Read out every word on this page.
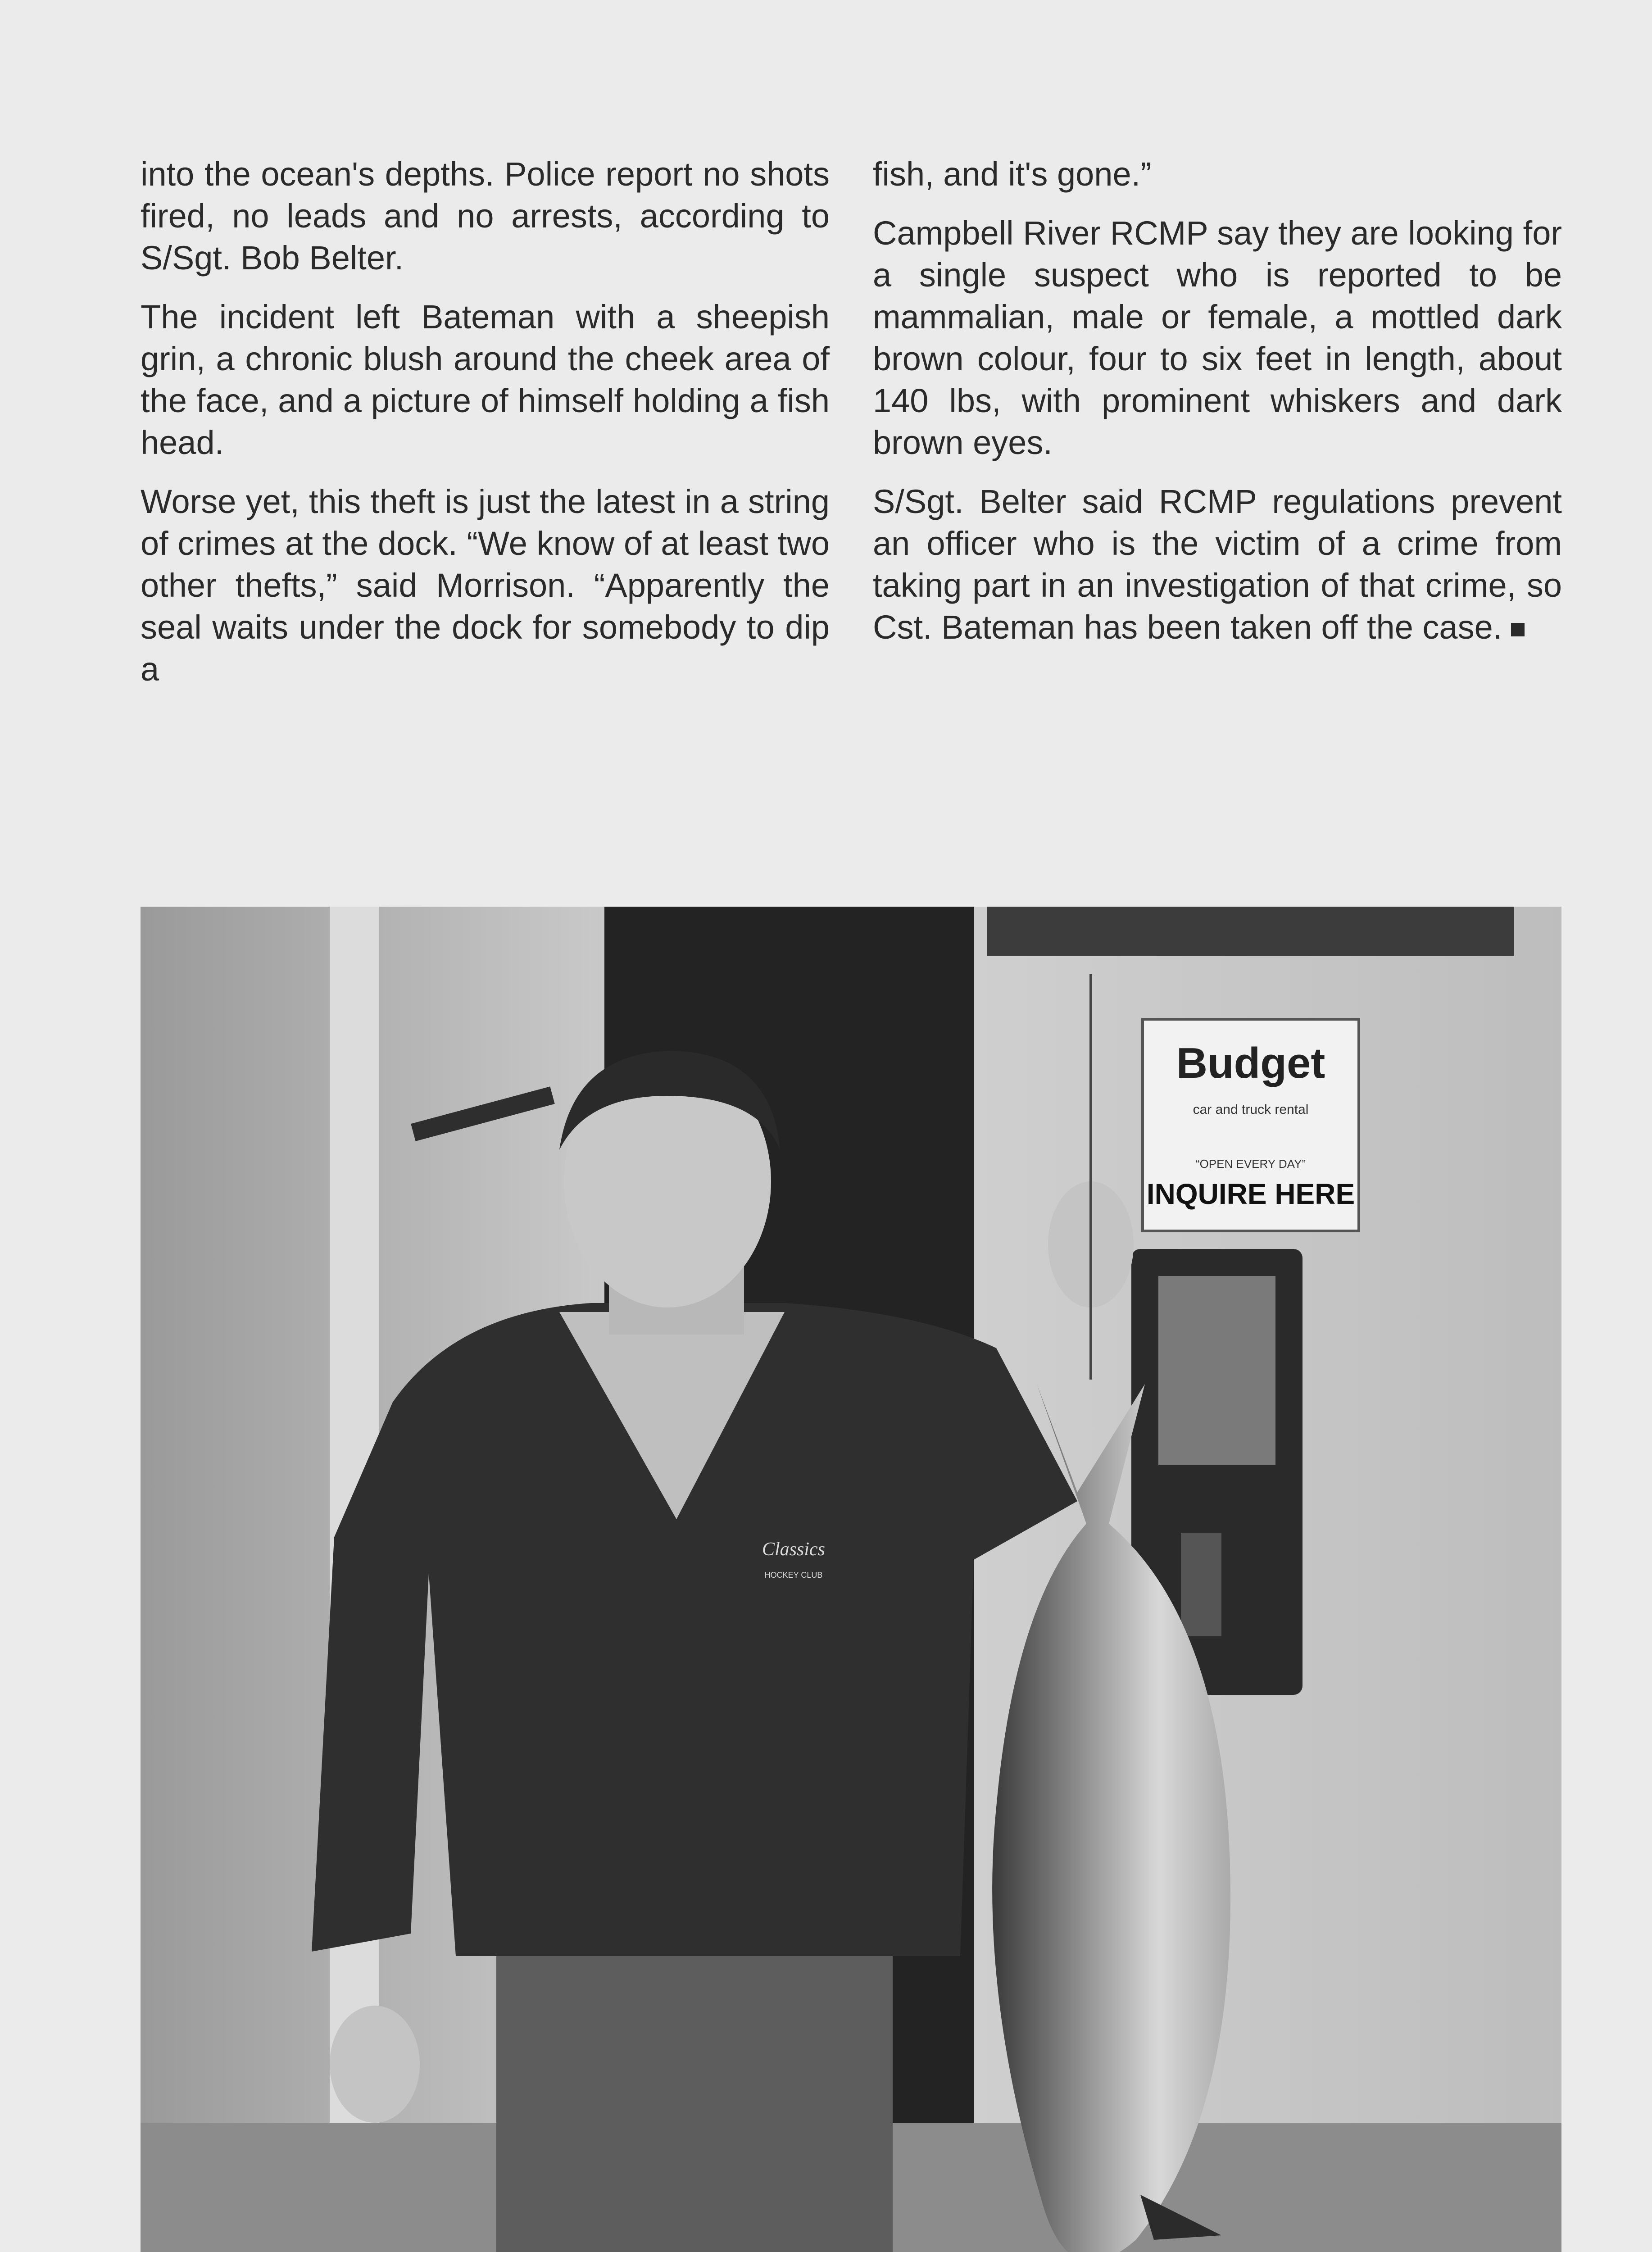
into the ocean's depths. Police report no shots fired, no leads and no arrests, according to S/Sgt. Bob Belter.

The incident left Bateman with a sheepish grin, a chronic blush around the cheek area of the face, and a picture of himself holding a fish head.

Worse yet, this theft is just the latest in a string of crimes at the dock. “We know of at least two other thefts,” said Morrison. “Apparently the seal waits under the dock for somebody to dip a

fish, and it's gone.”

Campbell River RCMP say they are looking for a single suspect who is reported to be mammalian, male or female, a mottled dark brown colour, four to six feet in length, about 140 lbs, with prominent whiskers and dark brown eyes.

S/Sgt. Belter said RCMP regulations prevent an officer who is the victim of a crime from taking part in an investigation of that crime, so Cst. Bateman has been taken off the case.

Budget
car and truck rental
“OPEN EVERY DAY”
INQUIRE HERE
Classics
HOCKEY CLUB
